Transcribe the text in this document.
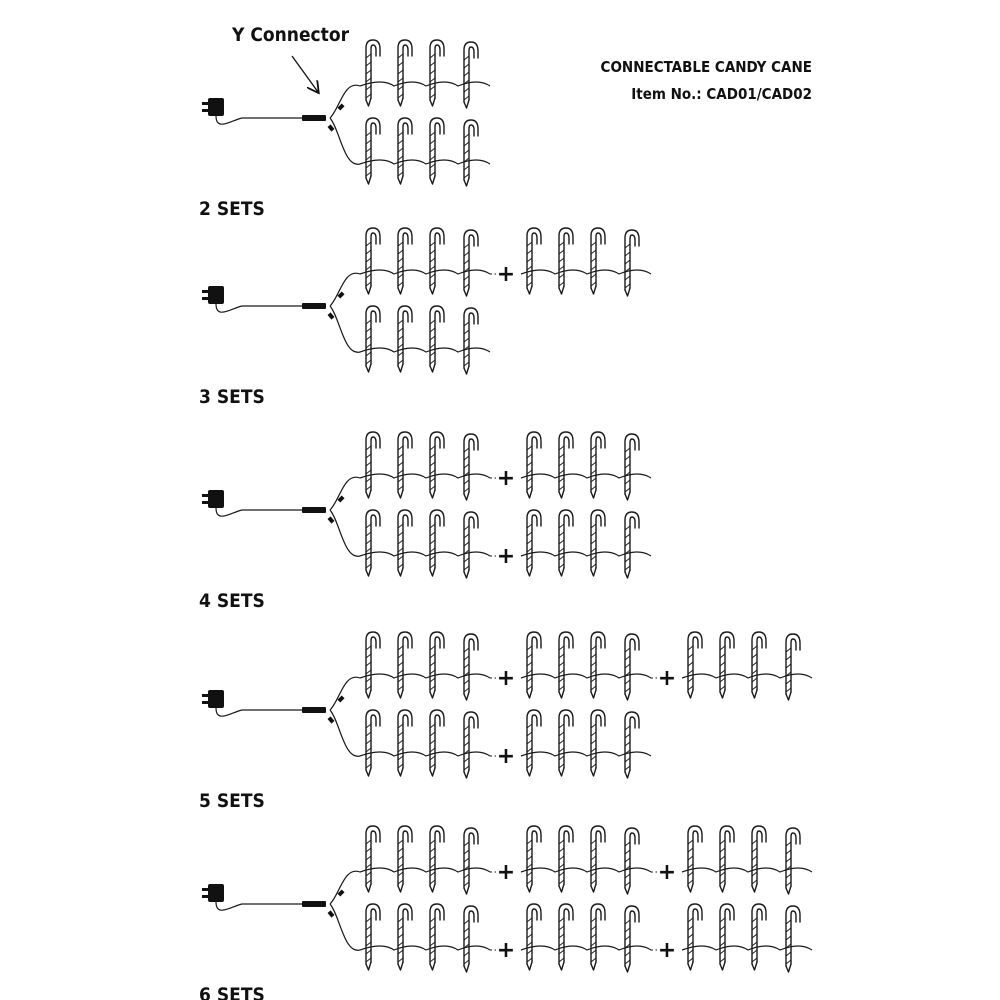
CONNECTABLE CANDY CANE
Item No.: CAD01/CAD02
Y Connector
2 SETS
+
3 SETS
+
+
4 SETS
+	+
+
5 SETS
+	+
+	+
6 SETS
